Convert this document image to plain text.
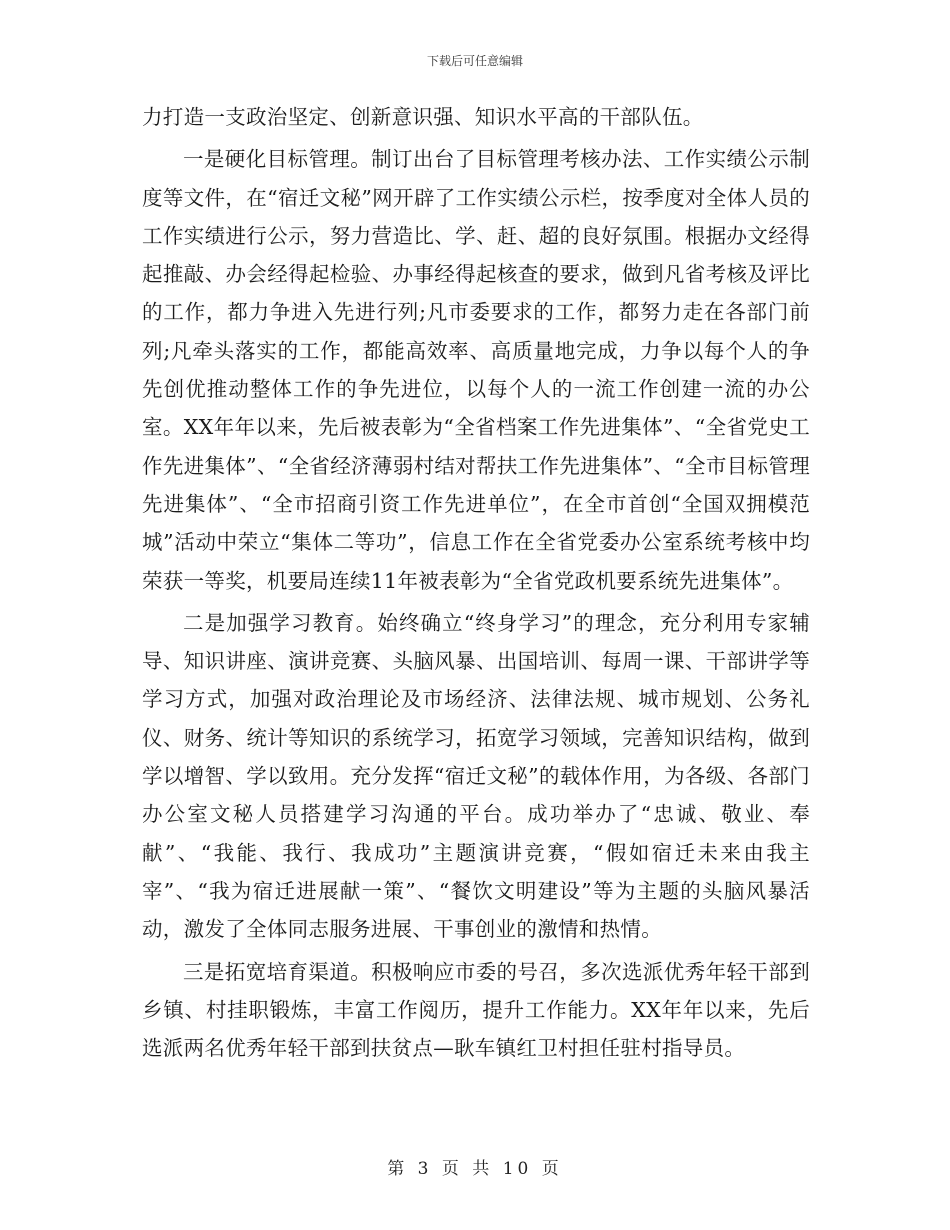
下载后可任意编辑

力打造一支政治坚定、创新意识强、知识水平高的干部队伍。

一是硬化目标管理。制订出台了目标管理考核办法、工作实绩公示制度等文件，在“宿迁文秘”网开辟了工作实绩公示栏，按季度对全体人员的工作实绩进行公示，努力营造比、学、赶、超的良好氛围。根据办文经得起推敲、办会经得起检验、办事经得起核查的要求，做到凡省考核及评比的工作，都力争进入先进行列;凡市委要求的工作，都努力走在各部门前列;凡牵头落实的工作，都能高效率、高质量地完成，力争以每个人的争先创优推动整体工作的争先进位，以每个人的一流工作创建一流的办公室。XX年年以来，先后被表彰为“全省档案工作先进集体”、“全省党史工作先进集体”、“全省经济薄弱村结对帮扶工作先进集体”、“全市目标管理先进集体”、“全市招商引资工作先进单位”，在全市首创“全国双拥模范城”活动中荣立“集体二等功”，信息工作在全省党委办公室系统考核中均荣获一等奖，机要局连续11年被表彰为“全省党政机要系统先进集体”。

二是加强学习教育。始终确立“终身学习”的理念，充分利用专家辅导、知识讲座、演讲竞赛、头脑风暴、出国培训、每周一课、干部讲学等学习方式，加强对政治理论及市场经济、法律法规、城市规划、公务礼仪、财务、统计等知识的系统学习，拓宽学习领域，完善知识结构，做到学以增智、学以致用。充分发挥“宿迁文秘”的载体作用，为各级、各部门办公室文秘人员搭建学习沟通的平台。成功举办了“忠诚、敬业、奉献”、“我能、我行、我成功”主题演讲竞赛，“假如宿迁未来由我主宰”、“我为宿迁进展献一策”、“餐饮文明建设”等为主题的头脑风暴活动，激发了全体同志服务进展、干事创业的激情和热情。

三是拓宽培育渠道。积极响应市委的号召，多次选派优秀年轻干部到乡镇、村挂职锻炼，丰富工作阅历，提升工作能力。XX年年以来，先后选派两名优秀年轻干部到扶贫点—耿车镇红卫村担任驻村指导员。

第 3 页 共 10 页
